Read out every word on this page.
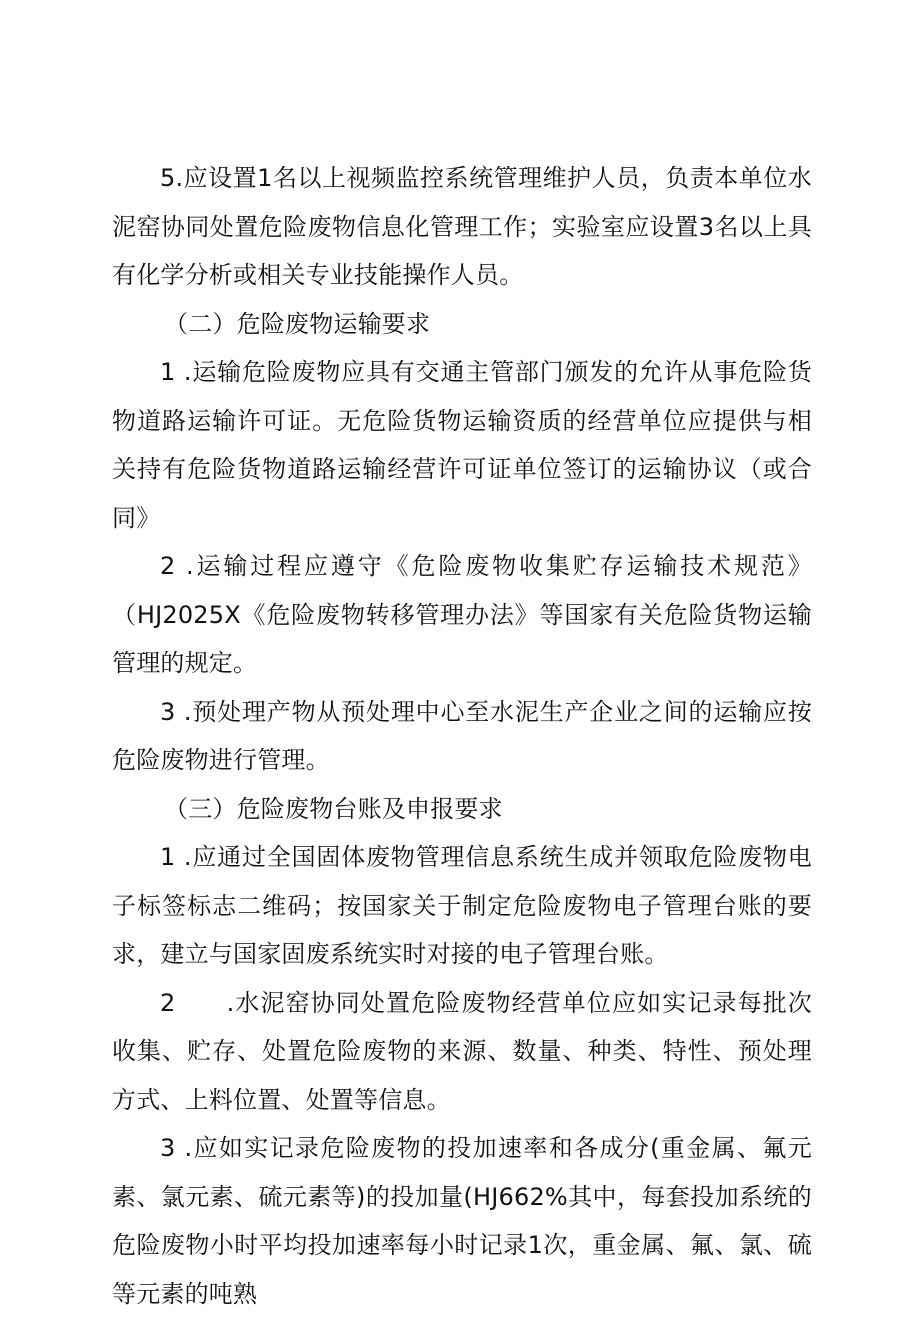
5.应设置1名以上视频监控系统管理维护人员，负责本单位水泥窑协同处置危险废物信息化管理工作；实验室应设置3名以上具有化学分析或相关专业技能操作人员。

（二）危险废物运输要求

1 .运输危险废物应具有交通主管部门颁发的允许从事危险货物道路运输许可证。无危险货物运输资质的经营单位应提供与相关持有危险货物道路运输经营许可证单位签订的运输协议（或合同》

2 .运输过程应遵守《危险废物收集贮存运输技术规范》（HJ2025X《危险废物转移管理办法》等国家有关危险货物运输管理的规定。

3 .预处理产物从预处理中心至水泥生产企业之间的运输应按危险废物进行管理。

（三）危险废物台账及申报要求

1 .应通过全国固体废物管理信息系统生成并领取危险废物电子标签标志二维码；按国家关于制定危险废物电子管理台账的要求，建立与国家固废系统实时对接的电子管理台账。

2　　.水泥窑协同处置危险废物经营单位应如实记录每批次收集、贮存、处置危险废物的来源、数量、种类、特性、预处理方式、上料位置、处置等信息。

3 .应如实记录危险废物的投加速率和各成分(重金属、氟元素、氯元素、硫元素等)的投加量(HJ662%其中，每套投加系统的危险废物小时平均投加速率每小时记录1次，重金属、氟、氯、硫等元素的吨熟
